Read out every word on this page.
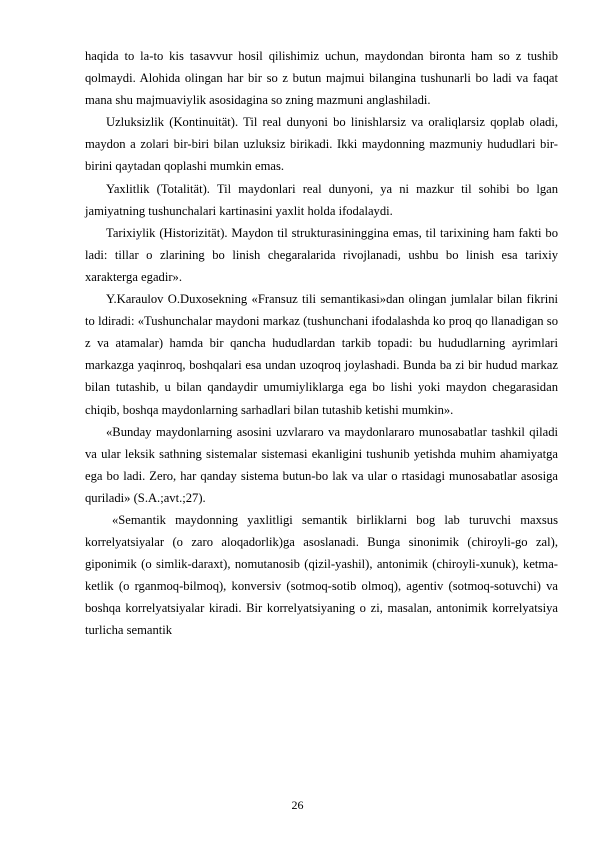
haqida to la-to kis tasavvur hosil qilishimiz uchun, maydondan bironta ham so z tushib qolmaydi. Alohida olingan har bir so z butun majmui bilangina tushunarli bo ladi va faqat mana shu majmuaviylik asosidagina so zning mazmuni anglashiladi.

Uzluksizlik (Kontinuität). Til real dunyoni bo linishlarsiz va oraliqlarsiz qoplab oladi, maydon a zolari bir-biri bilan uzluksiz birikadi. Ikki maydonning mazmuniy hududlari bir-birini qaytadan qoplashi mumkin emas.

Yaxlitlik (Totalität). Til maydonlari real dunyoni, ya ni mazkur til sohibi bo lgan jamiyatning tushunchalari kartinasini yaxlit holda ifodalaydi.

Tarixiylik (Historizität). Maydon til strukturasininggina emas, til tarixining ham fakti bo ladi: tillar o zlarining bo linish chegaralarida rivojlanadi, ushbu bo linish esa tarixiy xarakterga egadir».

Y.Karaulov O.Duxosekning «Fransuz tili semantikasi»dan olingan jumlalar bilan fikrini to ldiradi: «Tushunchalar maydoni markaz (tushunchani ifodalashda ko proq qo llanadigan so z va atamalar) hamda bir qancha hududlardan tarkib topadi: bu hududlarning ayrimlari markazga yaqinroq, boshqalari esa undan uzoqroq joylashadi. Bunda ba zi bir hudud markaz bilan tutashib, u bilan qandaydir umumiyliklarga ega bo lishi yoki maydon chegarasidan chiqib, boshqa maydonlarning sarhadlari bilan tutashib ketishi mumkin».

«Bunday maydonlarning asosini uzvlararo va maydonlararo munosabatlar tashkil qiladi va ular leksik sathning sistemalar sistemasi ekanligini tushunib yetishda muhim ahamiyatga ega bo ladi. Zero, har qanday sistema butun-bo lak va ular o rtasidagi munosabatlar asosiga quriladi» (S.A.;avt.;27).

«Semantik maydonning yaxlitligi semantik birliklarni bog lab turuvchi maxsus korrelyatsiyalar (o zaro aloqadorlik)ga asoslanadi. Bunga sinonimik (chiroyli-go zal), giponimik (o simlik-daraxt), nomutanosib (qizil-yashil), antonimik (chiroyli-xunuk), ketma-ketlik (o rganmoq-bilmoq), konversiv (sotmoq-sotib olmoq), agentiv (sotmoq-sotuvchi) va boshqa korrelyatsiyalar kiradi. Bir korrelyatsiyaning o zi, masalan, antonimik korrelyatsiya turlicha semantik

26
